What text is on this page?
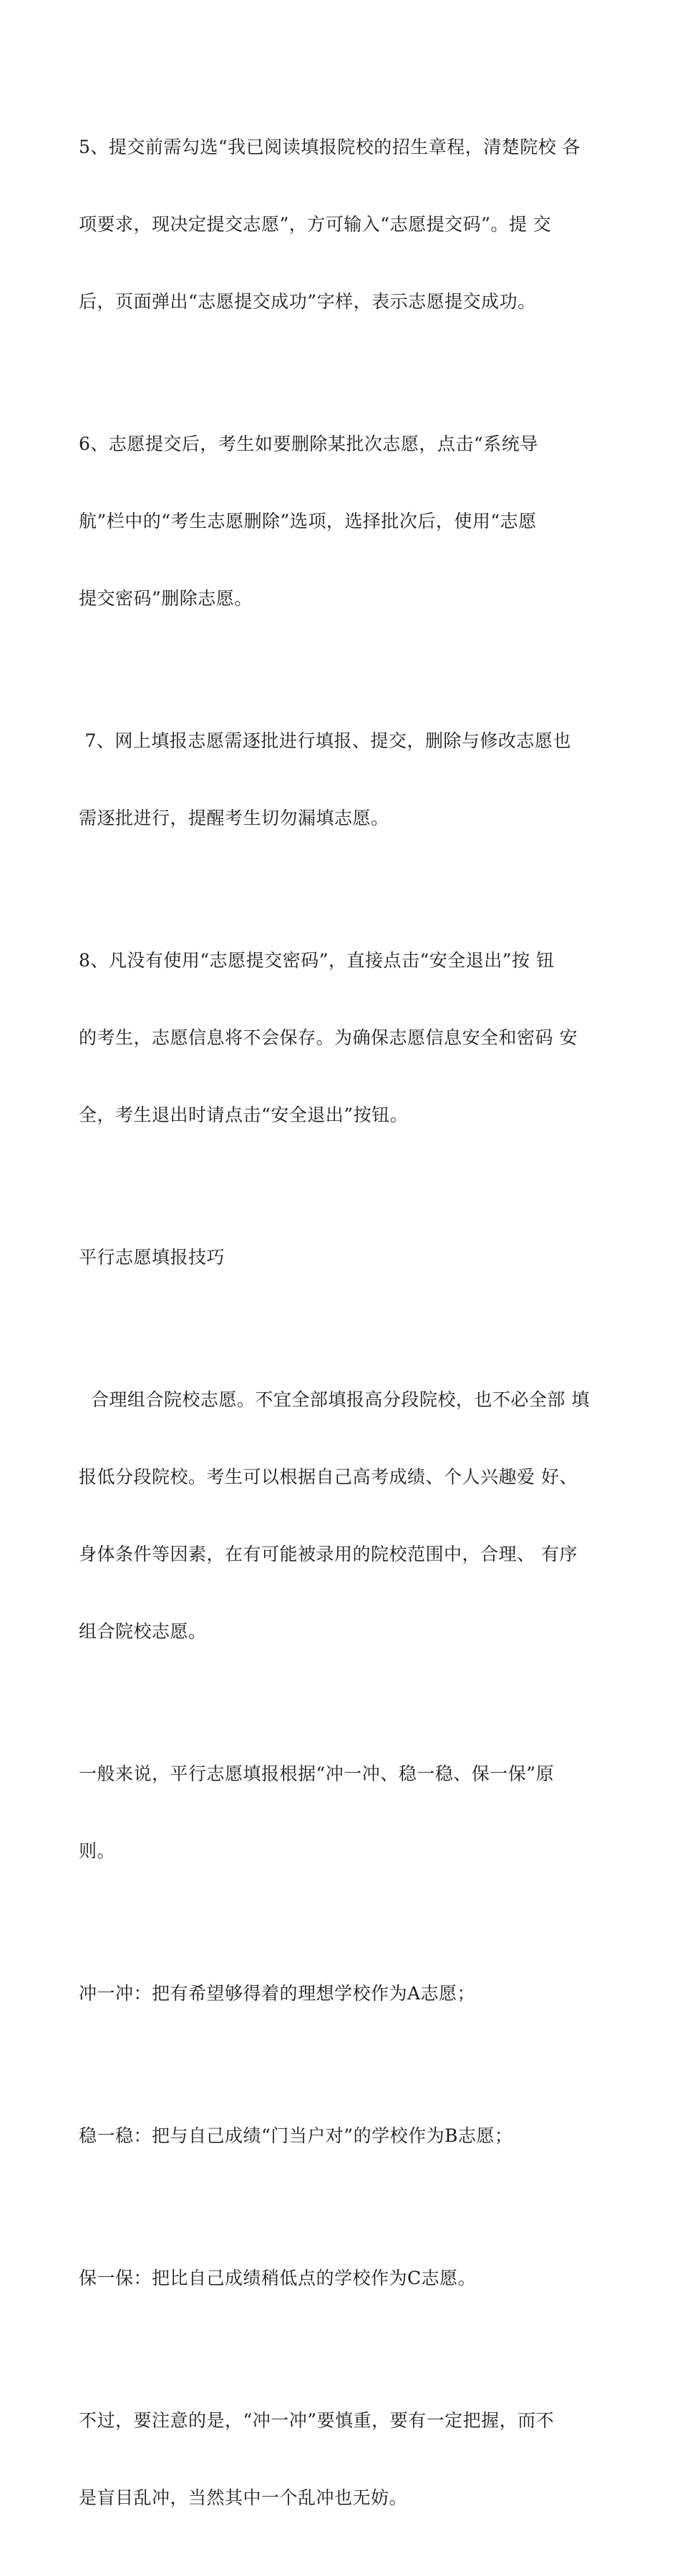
5、提交前需勾选“我已阅读填报院校的招生章程，清楚院校 各

项要求，现决定提交志愿”，方可输入“志愿提交码”。提 交

后，页面弹出“志愿提交成功”字样，表示志愿提交成功。

6、志愿提交后，考生如要删除某批次志愿，点击“系统导

航”栏中的“考生志愿删除”选项，选择批次后，使用“志愿

提交密码”删除志愿。

7、网上填报志愿需逐批进行填报、提交，删除与修改志愿也

需逐批进行，提醒考生切勿漏填志愿。

8、凡没有使用“志愿提交密码”，直接点击“安全退出”按 钮

的考生，志愿信息将不会保存。为确保志愿信息安全和密码 安

全，考生退出时请点击“安全退出”按钮。

平行志愿填报技巧

合理组合院校志愿。不宜全部填报高分段院校，也不必全部 填

报低分段院校。考生可以根据自己高考成绩、个人兴趣爱 好、

身体条件等因素，在有可能被录用的院校范围中，合理、 有序

组合院校志愿。

一般来说，平行志愿填报根据“冲一冲、稳一稳、保一保”原

则。

冲一冲：把有希望够得着的理想学校作为A志愿；

稳一稳：把与自己成绩“门当户对”的学校作为B志愿；

保一保：把比自己成绩稍低点的学校作为C志愿。

不过，要注意的是，“冲一冲”要慎重，要有一定把握，而不

是盲目乱冲，当然其中一个乱冲也无妨。
